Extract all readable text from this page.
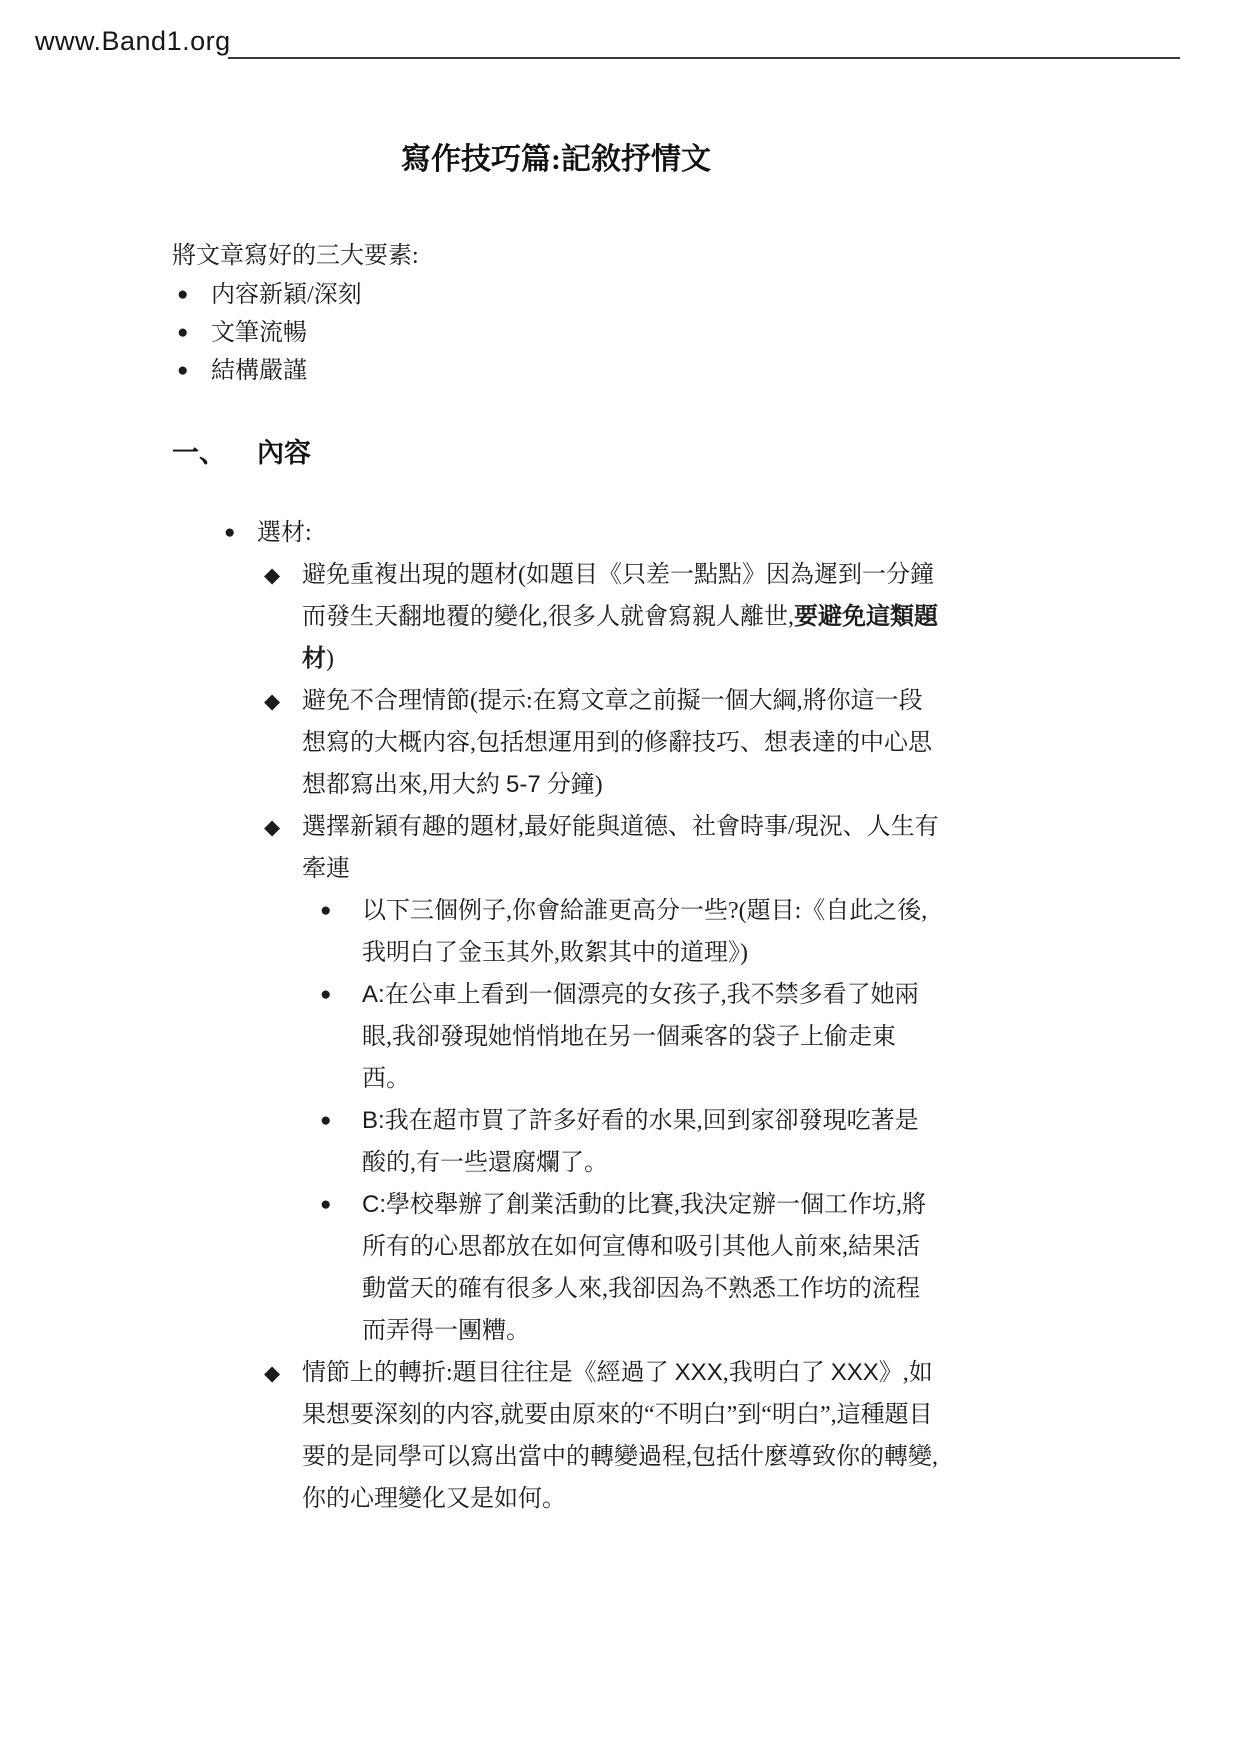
www.Band1.org
寫作技巧篇:記敘抒情文

將文章寫好的三大要素:

● 内容新穎/深刻
● 文筆流暢
● 結構嚴謹
一、	內容
● 選材:
◆ 避免重複出現的題材(如題目《只差一點點》因為遲到一分鐘而發生天翻地覆的變化,很多人就會寫親人離世,要避免這類題材)
◆ 避免不合理情節(提示:在寫文章之前擬一個大綱,將你這一段想寫的大概内容,包括想運用到的修辭技巧、想表達的中心思想都寫出來,用大約 5-7 分鐘)
◆ 選擇新穎有趣的題材,最好能與道德、社會時事/現況、人生有牽連
●	以下三個例子,你會給誰更高分一些?(題目:《自此之後,我明白了金玉其外,敗絮其中的道理》)
●	A:在公車上看到一個漂亮的女孩子,我不禁多看了她兩眼,我卻發現她悄悄地在另一個乘客的袋子上偷走東西。
●	B:我在超市買了許多好看的水果,回到家卻發現吃著是酸的,有一些還腐爛了。
●	C:學校舉辦了創業活動的比賽,我決定辦一個工作坊,將所有的心思都放在如何宣傳和吸引其他人前來,結果活動當天的確有很多人來,我卻因為不熟悉工作坊的流程而弄得一團糟。
◆ 情節上的轉折:題目往往是《經過了 XXX,我明白了 XXX》,如果想要深刻的内容,就要由原來的“不明白”到“明白”,這種題目要的是同學可以寫出當中的轉變過程,包括什麼導致你的轉變,你的心理變化又是如何。
